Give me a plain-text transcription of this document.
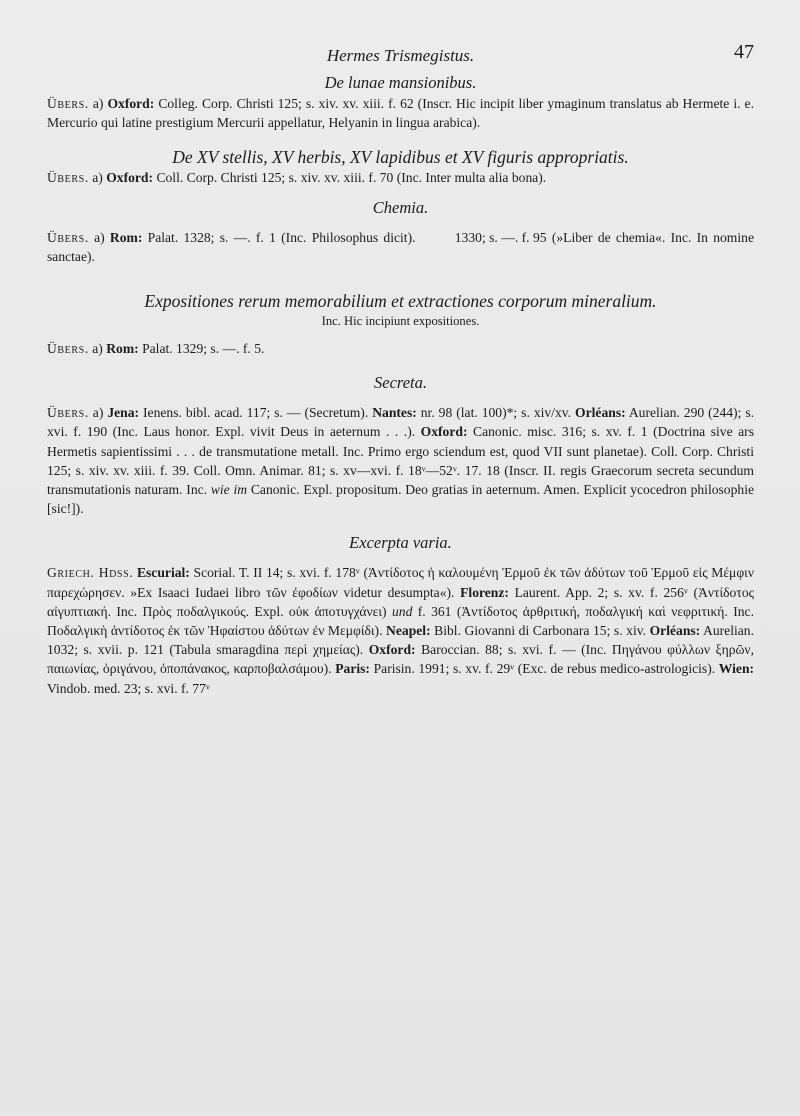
Hermes Trismegistus.	47
De lunae mansionibus.

Übers. a) Oxford: Colleg. Corp. Christi 125; s. xiv. xv. xiii. f. 62 (Inscr. Hic incipit liber ymaginum translatus ab Hermete i. e. Mercurio qui latine prestigium Mercurii appellatur, Helyanin in lingua arabica).

De XV stellis, XV herbis, XV lapidibus et XV figuris appropriatis.

Übers. a) Oxford: Coll. Corp. Christi 125; s. xiv. xv. xiii. f. 70 (Inc. Inter multa alia bona).

Chemia.

Übers. a) Rom: Palat. 1328; s. —. f. 1 (Inc. Philosophus dicit).	1330; s. —. f. 95 (»Liber de chemia«. Inc. In nomine sanctae).

Expositiones rerum memorabilium et extractiones corporum mineralium.

Inc. Hic incipiunt expositiones.

Übers. a) Rom: Palat. 1329; s. —. f. 5.

Secreta.

Übers. a) Jena: Ienens. bibl. acad. 117; s. — (Secretum). Nantes: nr. 98 (lat. 100)*; s. xiv/xv. Orléans: Aurelian. 290 (244); s. xvi. f. 190 (Inc. Laus honor. Expl. vivit Deus in aeternum . . .). Oxford: Canonic. misc. 316; s. xv. f. 1 (Doctrina sive ars Hermetis sapientissimi . . . de transmutatione metall. Inc. Primo ergo sciendum est, quod VII sunt planetae). Coll. Corp. Christi 125; s. xiv. xv. xiii. f. 39. Coll. Omn. Animar. 81; s. xv—xvi. f. 18ᵛ—52ᵛ. 17. 18 (Inscr. II. regis Graecorum secreta secundum transmutationis naturam. Inc. wie im Canonic. Expl. propositum. Deo gratias in aeternum. Amen. Explicit ycocedron philosophie [sic!]).

Excerpta varia.

Griech. Hdss. Escurial: Scorial. T. II 14; s. xvi. f. 178ᵛ (Ἀντίδοτος ἡ καλουμένη Ἑρμοῦ ἐκ τῶν ἀδύτων τοῦ Ἑρμοῦ εἰς Μέμφιν παρεχώρησεν. »Ex Isaaci Iudaei libro τῶν ἐφοδίων videtur desumpta«). Florenz: Laurent. App. 2; s. xv. f. 256ᵛ (Ἀντίδοτος αἰγυπτιακή. Inc. Πρὸς ποδαλγικούς. Expl. οὐκ ἀποτυγχάνει) und f. 361 (Ἀντίδοτος ἀρθριτική, ποδαλγική καὶ νεφριτική. Inc. Ποδαλγικὴ ἀντίδοτος ἐκ τῶν Ἡφαίστου ἀδύτων ἐν Μεμφίδι). Neapel: Bibl. Giovanni di Carbonara 15; s. xiv. Orléans: Aurelian. 1032; s. xvii. p. 121 (Tabula smaragdina περὶ χημείας). Oxford: Baroccian. 88; s. xvi. f. — (Inc. Πηγάνου φύλλων ξηρῶν, παιωνίας, ὀριγάνου, ὀποπάνακος, καρποβαλσάμου). Paris: Parisin. 1991; s. xv. f. 29ᵛ (Exc. de rebus medico-astrologicis). Wien: Vindob. med. 23; s. xvi. f. 77ᵛ
